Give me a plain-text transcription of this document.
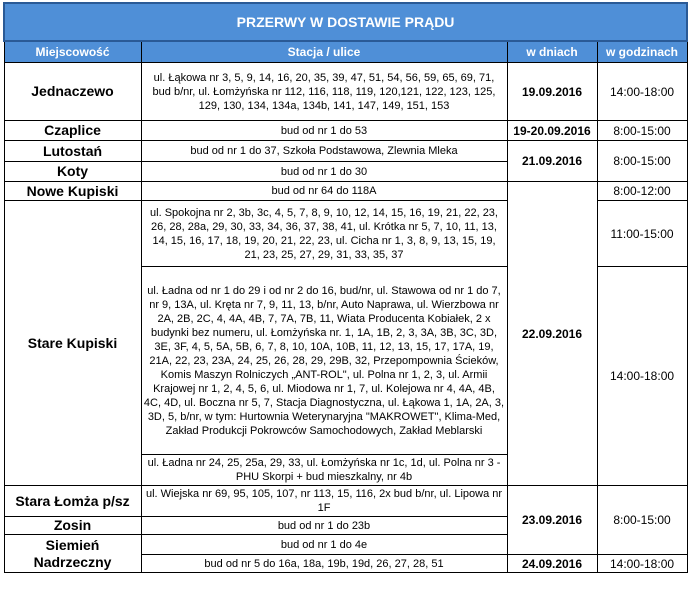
PRZERWY W DOSTAWIE PRĄDU			
Miejscowość	Stacja / ulice	w dniach	w godzinach
Jednaczewo	ul. Łąkowa nr 3, 5, 9, 14, 16, 20, 35, 39, 47, 51, 54, 56, 59, 65, 69, 71, bud b/nr, ul. Łomżyńska nr 112, 116, 118, 119, 120,121, 122, 123, 125, 129, 130, 134, 134a, 134b, 141, 147, 149, 151, 153	19.09.2016	14:00-18:00
Czaplice	bud od nr 1 do 53	19-20.09.2016	8:00-15:00
Lutostań	bud od nr 1 do 37, Szkoła Podstawowa, Zlewnia Mleka	21.09.2016	8:00-15:00
Koty	bud od nr 1 do 30		
Nowe Kupiski	bud od nr 64 do 118A	22.09.2016	8:00-12:00
Stare Kupiski	ul. Spokojna nr 2, 3b, 3c, 4, 5, 7, 8, 9, 10, 12, 14, 15, 16, 19, 21, 22, 23, 26, 28, 28a, 29, 30, 33, 34, 36, 37, 38, 41, ul. Krótka nr 5, 7, 10, 11, 13, 14, 15, 16, 17, 18, 19, 20, 21, 22, 23, ul. Cicha nr 1, 3, 8, 9, 13, 15, 19, 21, 23, 25, 27, 29, 31, 33, 35, 37		11:00-15:00
	ul. Ładna od nr 1 do 29 i od nr 2 do 16, bud/nr, ul. Stawowa od nr 1 do 7, nr 9, 13A, ul. Kręta nr 7, 9, 11, 13, b/nr, Auto Naprawa, ul. Wierzbowa nr 2A, 2B, 2C, 4, 4A, 4B, 7, 7A, 7B, 11, Wiata Producenta Kobiałek, 2 x budynki bez numeru, ul. Łomżyńska nr. 1, 1A, 1B, 2, 3, 3A, 3B, 3C, 3D, 3E, 3F, 4, 5, 5A, 5B, 6, 7, 8, 10, 10A, 10B, 11, 12, 13, 15, 17, 17A, 19, 21A, 22, 23, 23A, 24, 25, 26, 28, 29, 29B, 32, Przepompownia Ścieków, Komis Maszyn Rolniczych „ANT-ROL", ul. Polna nr 1, 2, 3, ul. Armii Krajowej nr 1, 2, 4, 5, 6, ul. Miodowa nr 1, 7, ul. Kolejowa nr 4, 4A, 4B, 4C, 4D, ul. Boczna nr 5, 7, Stacja Diagnostyczna, ul. Łąkowa 1, 1A, 2A, 3, 3D, 5, b/nr, w tym: Hurtownia Weterynaryjna "MAKROWET", Klima-Med, Zakład Produkcji Pokrowców Samochodowych, Zakład Meblarski		14:00-18:00
	ul. Ładna nr 24, 25, 25a, 29, 33, ul. Łomżyńska nr 1c, 1d, ul. Polna nr 3 - PHU Skorpi + bud mieszkalny, nr 4b		
Stara Łomża p/sz	ul. Wiejska nr 69, 95, 105, 107, nr 113, 15, 116, 2x bud b/nr, ul. Lipowa nr 1F	23.09.2016	8:00-15:00
Zosin	bud od nr 1 do 23b		
Siemień Nadrzeczny	bud od nr 1 do 4e		
	bud od nr 5 do 16a, 18a, 19b, 19d, 26, 27, 28, 51	24.09.2016	14:00-18:00
